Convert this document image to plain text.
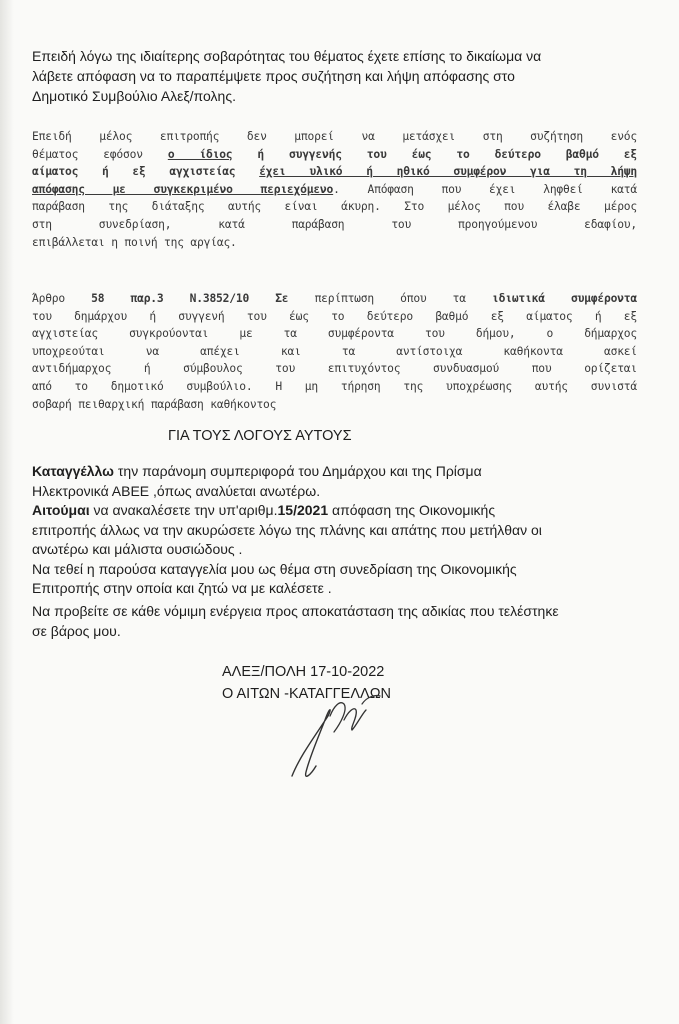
Επειδή λόγω της ιδιαίτερης σοβαρότητας του θέματος έχετε επίσης το δικαίωμα να
λάβετε απόφαση να το παραπέμψετε προς συζήτηση και λήψη απόφασης στο
Δημοτικό Συμβούλιο Αλεξ/πολης.
Επειδή μέλος επιτροπής δεν μπορεί να μετάσχει στη συζήτηση ενός
θέματος εφόσον ο ίδιος ή συγγενής του έως το δεύτερο βαθμό εξ
αίματος ή εξ αγχιστείας έχει υλικό ή ηθικό συμφέρον για τη λήψη
απόφασης με συγκεκριμένο περιεχόμενο. Απόφαση που έχει ληφθεί κατά
παράβαση της διάταξης αυτής είναι άκυρη. Στο μέλος που έλαβε μέρος
στη συνεδρίαση, κατά παράβαση του προηγούμενου εδαφίου,
επιβάλλεται η ποινή της αργίας.
Άρθρο 58 παρ.3 Ν.3852/10 Σε περίπτωση όπου τα ιδιωτικά συμφέροντα
του δημάρχου ή συγγενή του έως το δεύτερο βαθμό εξ αίματος ή εξ
αγχιστείας συγκρούονται με τα συμφέροντα του δήμου, ο δήμαρχος
υποχρεούται να απέχει και τα αντίστοιχα καθήκοντα ασκεί
αντιδήμαρχος ή σύμβουλος του επιτυχόντος συνδυασμού που ορίζεται
από το δημοτικό συμβούλιο. Η μη τήρηση της υποχρέωσης αυτής συνιστά
σοβαρή πειθαρχική παράβαση καθήκοντος
ΓΙΑ ΤΟΥΣ ΛΟΓΟΥΣ ΑΥΤΟΥΣ
Καταγγέλλω την παράνομη συμπεριφορά του Δημάρχου και της Πρίσμα
Ηλεκτρονικά ΑΒΕΕ ,όπως αναλύεται ανωτέρω.
Αιτούμαι να ανακαλέσετε την υπ'αριθμ.15/2021 απόφαση της Οικονομικής
επιτροπής άλλως να την ακυρώσετε λόγω της πλάνης και απάτης που μετήλθαν οι
ανωτέρω και μάλιστα ουσιώδους .
Να τεθεί η παρούσα καταγγελία μου ως θέμα στη συνεδρίαση της Οικονομικής
Επιτροπής στην οποία και ζητώ να με καλέσετε .
Να προβείτε σε κάθε νόμιμη ενέργεια προς αποκατάσταση της αδικίας που τελέστηκε
σε βάρος μου.
ΑΛΕΞ/ΠΟΛΗ 17-10-2022
Ο ΑΙΤΩΝ -ΚΑΤΑΓΓΕΛΛΩΝ
